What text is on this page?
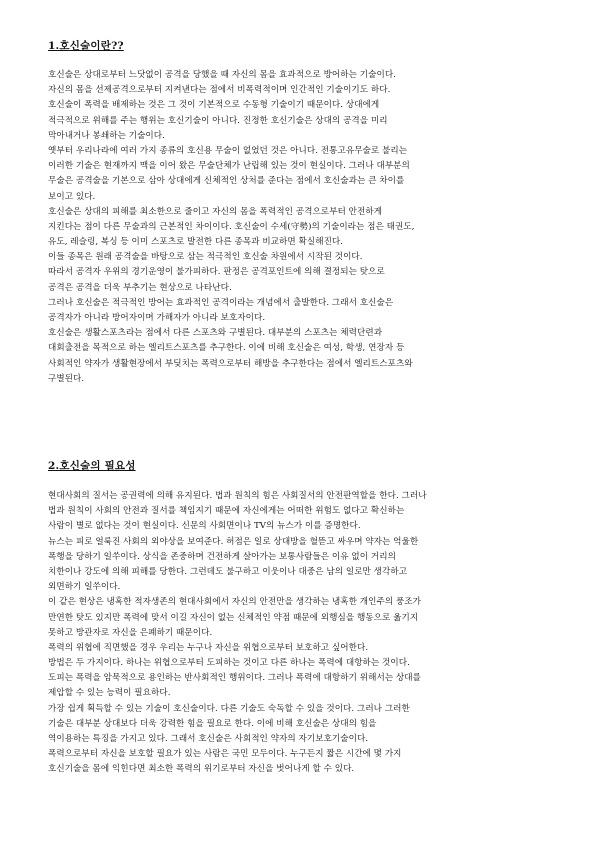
1.호신술이란??
호신술은 상대로부터 느닷없이 공격을 당했을 때 자신의 몸을 효과적으로 방어하는 기술이다.
자신의 몸을 선제공격으로부터 지켜낸다는 점에서 비폭력적이며 인간적인 기술이기도 하다.
호신술이 폭력을 배제하는 것은 그 것이 기본적으로 수동형 기술이기 때문이다. 상대에게
적극적으로 위해를 주는 행위는 호신기술이 아니다. 진정한 호신기술은 상대의 공격을 미리
막아내거나 봉쇄하는 기술이다.
옛부터 우리나라에 여러 가지 종류의 호신용 무술이 없었던 것은 아니다. 전통고유무술로 불리는
이러한 기술은 현재까지 맥을 이어 왔은 무술단체가 난립해 있는 것이 현실이다. 그러나 대부분의
무술은 공격술을 기본으로 삼아 상대에게 신체적인 상처를 준다는 점에서 호신술과는 큰 차이를
보이고 있다.
호신술은 상대의 피해를 최소한으로 줄이고 자신의 몸을 폭력적인 공격으로부터 안전하게
지킨다는 점이 다른 무술과의 근본적인 차이이다. 호신술이 수세(守勢)의 기술이라는 점은 태권도,
유도, 레슬링, 복싱 등 이미 스포츠로 발전한 다른 종목과 비교하면 확실해진다.
이들 종목은 원래 공격술을 바탕으로 삼는 적극적인 호신술 차원에서 시작된 것이다.
따라서 공격자 우위의 경기운영이 불가피하다. 판정은 공격포인트에 의해 결정되는 탓으로
공격은 공격을 더욱 부추기는 현상으로 나타난다.
그러나 호신술은 적극적인 방어는 효과적인 공격이라는 개념에서 출발한다. 그래서 호신술은
공격자가 아니라 방어자이며 가해자가 아니라 보호자이다.
호신술은 생활스포츠라는 점에서 다른 스포츠와 구별된다. 대부분의 스포츠는 체력단련과
대회출전을 목적으로 하는 엘리트스포츠를 추구한다. 이에 비해 호신술은 여성, 학생, 연장자 등
사회적인 약자가 생활현장에서 부딪치는 폭력으로부터 해방을 추구한다는 점에서 엘리트스포츠와
구별된다.
2.호신술의 필요성
현대사회의 질서는 공권력에 의해 유지된다. 법과 원칙의 힘은 사회질서의 안전판역할을 한다. 그러나
법과 원칙이 사회의 안전과 질서를 책임지기 때문에 자신에게는 어떠한 위험도 없다고 확신하는
사람이 별로 없다는 것이 현실이다. 신문의 사회면이나 TV의 뉴스가 이를 증명한다.
뉴스는 피로 얼룩진 사회의 외야상을 보여준다. 허점은 일로 상대방을 혈뜯고 싸우며 약자는 억울한
폭행을 당하기 일쑤이다. 상식을 존중하며 건전하게 살아가는 보통사람들은 이유 없이 거리의
치한이나 강도에 의해 피해를 당한다. 그런데도 불구하고 이웃이나 대중은 남의 일로만 생각하고
외면하기 일쑤이다.
이 같은 현상은 냉혹한 적자생존의 현대사회에서 자신의 안전만을 생각하는 냉혹한 개인주의 풍조가
만연한 탓도 있지만 폭력에 맞서 이길 자신이 없는 신체적인 약점 때문에 외행심을 행동으로 옮기지
못하고 방관자로 자신을 은폐하기 때문이다.
폭력의 위협에 직면했을 경우 우리는 누구나 자신을 위협으로부터 보호하고 싶어한다.
방법은 두 가지이다. 하나는 위협으로부터 도피하는 것이고 다른 하나는 폭력에 대항하는 것이다.
도피는 폭력을 암묵적으로 용인하는 반사회적인 행위이다. 그러나 폭력에 대항하기 위해서는 상대를
제압할 수 있는 능력이 필요하다.
가장 쉽게 획득할 수 있는 기술이 호신술이다. 다른 기술도 숙독할 수 있을 것이다. 그러나 그러한
기술은 대부분 상대보다 더욱 강력한 힘을 필요로 한다. 이에 비해 호신술은 상대의 힘을
역이용하는 특징을 가지고 있다. 그래서 호신술은 사회적인 약자의 자기보호기술이다.
폭력으로부터 자신을 보호할 필요가 있는 사람은 국민 모두이다. 누구든지 짧은 시간에 몇 가지
호신기술을 몸에 익힌다면 최소한 폭력의 위기로부터 자신을 벗어나게 할 수 있다.
